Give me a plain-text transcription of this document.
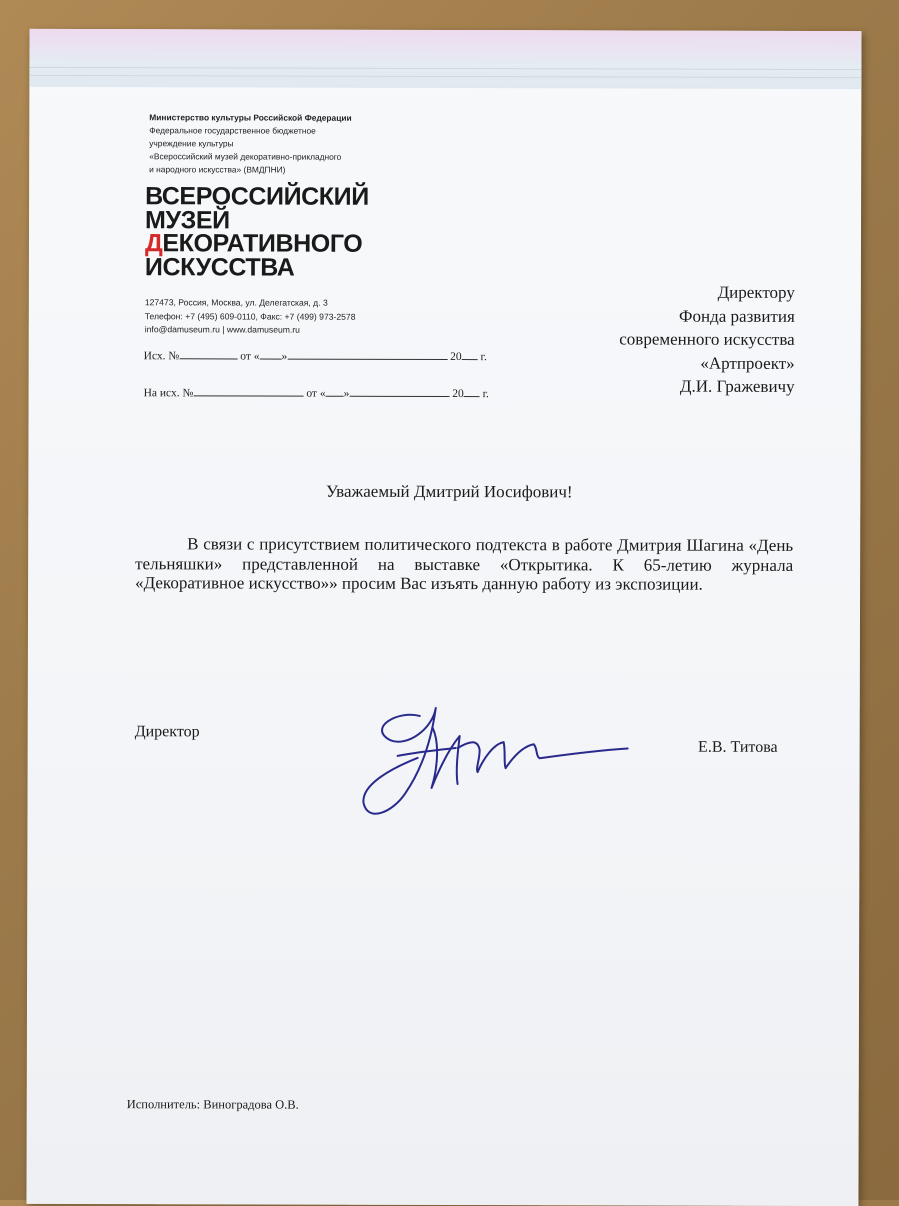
Министерство культуры Российской Федерации
Федеральное государственное бюджетное
учреждение культуры
«Всероссийский музей декоративно-прикладного
и народного искусства» (ВМДПНИ)
ВСЕРОССИЙСКИЙ
МУЗЕЙ
ДЕКОРАТИВНОГО
ИСКУССТВА
127473, Россия, Москва, ул. Делегатская, д. 3
Телефон: +7 (495) 609-0110, Факс: +7 (499) 973-2578
info@damuseum.ru | www.damuseum.ru
Исх. №	от « »	20 г.
На исх. №	от « »	20 г.
Директору
Фонда развития
современного искусства
«Артпроект»
Д.И. Гражевичу
Уважаемый Дмитрий Иосифович!
В связи с присутствием политического подтекста в работе Дмитрия Шагина «День тельняшки» представленной на выставке «Открытика. К 65-летию журнала «Декоративное искусство»» просим Вас изъять данную работу из экспозиции.
Директор
Е.В. Титова
Исполнитель: Виноградова О.В.
